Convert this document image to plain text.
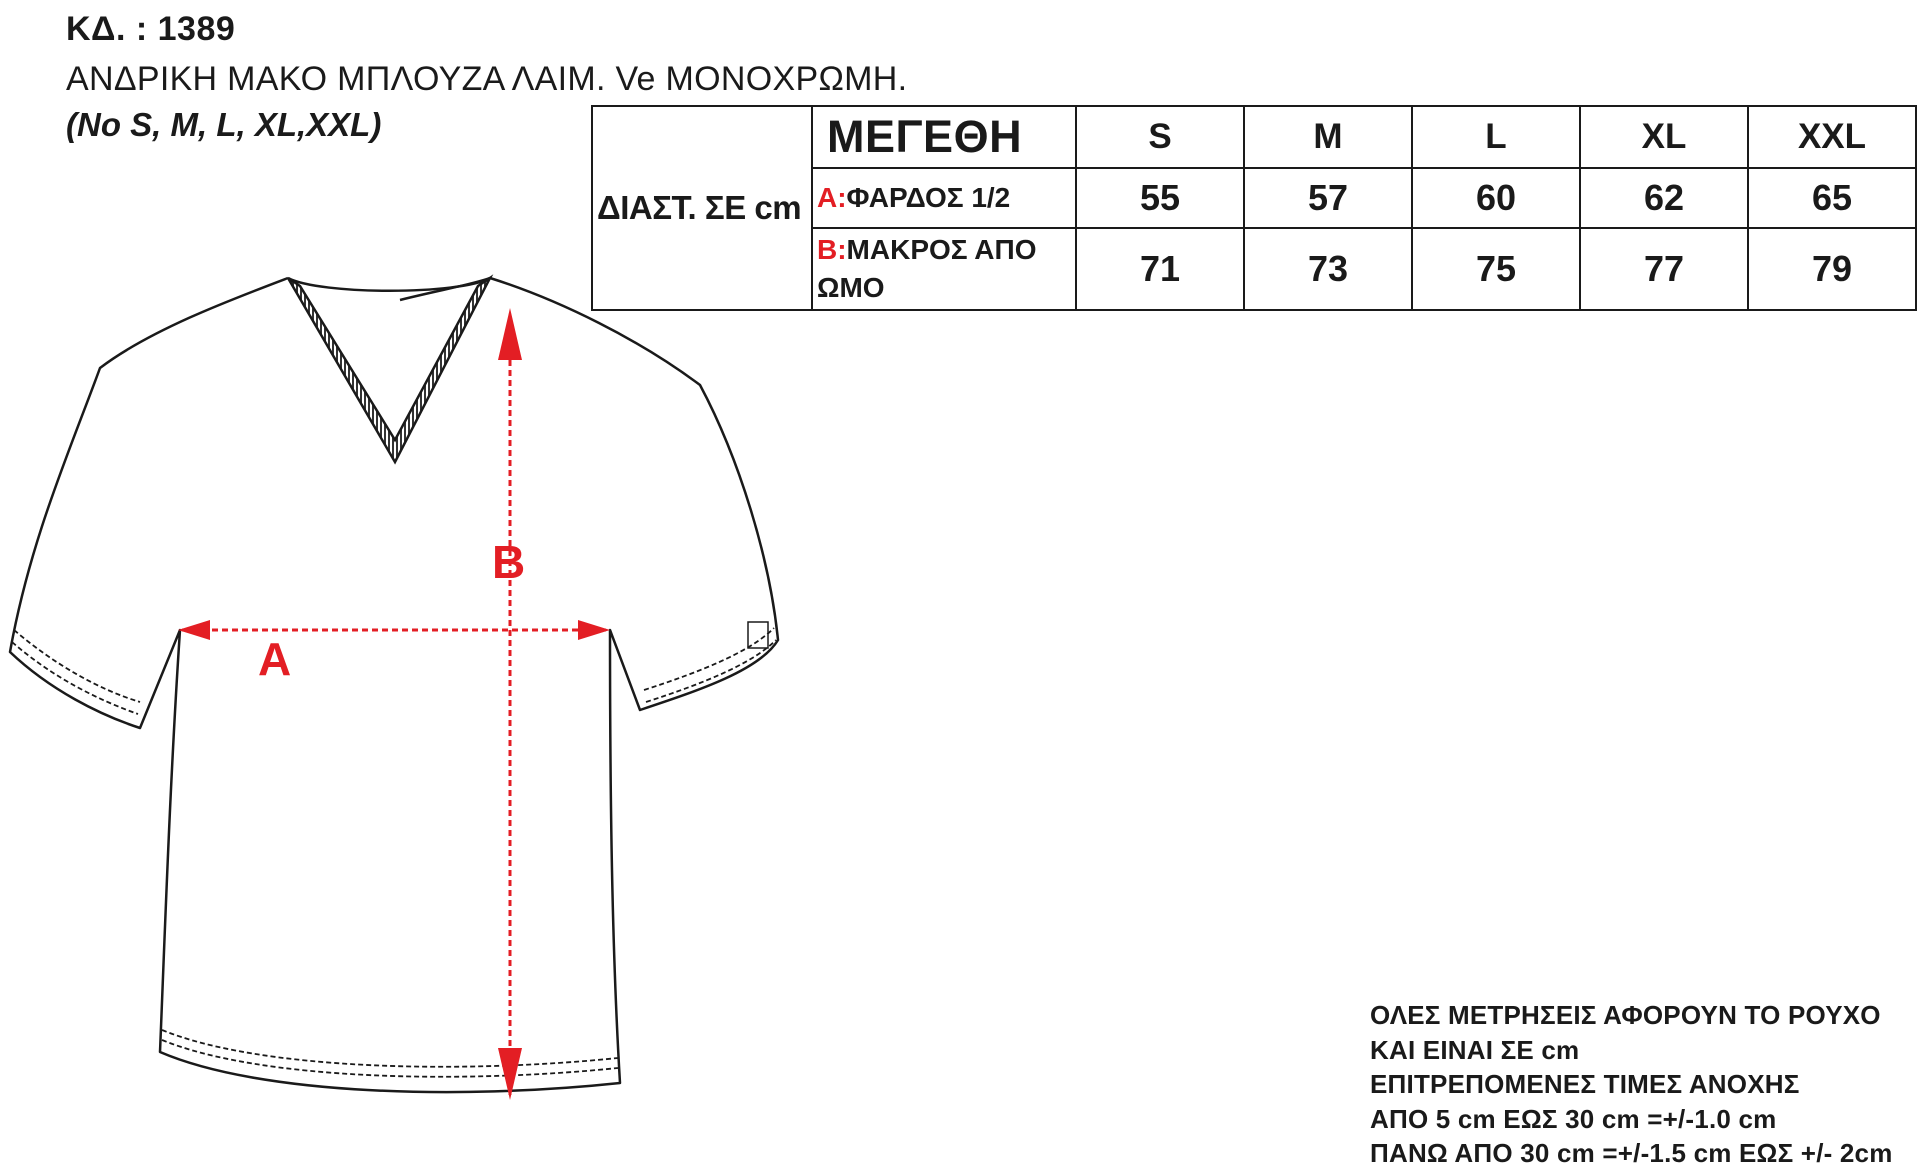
ΚΔ. : 1389
ΑΝΔΡΙΚΗ ΜΑΚΟ ΜΠΛΟΥΖΑ ΛΑΙΜ. Ve ΜΟΝΟΧΡΩΜΗ.
(No S, M, L, XL,XXL)
ΔΙΑΣΤ. ΣΕ cm	ΜΕΓΕΘΗ	S	M	L	XL	XXL
	A:ΦΑΡΔΟΣ 1/2	55	57	60	62	65
	B:ΜΑΚΡΟΣ ΑΠΟ ΩΜΟ	71	73	75	77	79
A
B
ΟΛΕΣ ΜΕΤΡΗΣΕΙΣ ΑΦΟΡΟΥΝ ΤΟ ΡΟΥΧΟ
ΚΑΙ ΕΙΝΑΙ ΣΕ cm
ΕΠΙΤΡΕΠΟΜΕΝΕΣ ΤΙΜΕΣ ΑΝΟΧΗΣ
ΑΠΟ 5 cm ΕΩΣ 30 cm =+/-1.0 cm
ΠΑΝΩ ΑΠΟ 30 cm =+/-1.5 cm ΕΩΣ +/- 2cm
